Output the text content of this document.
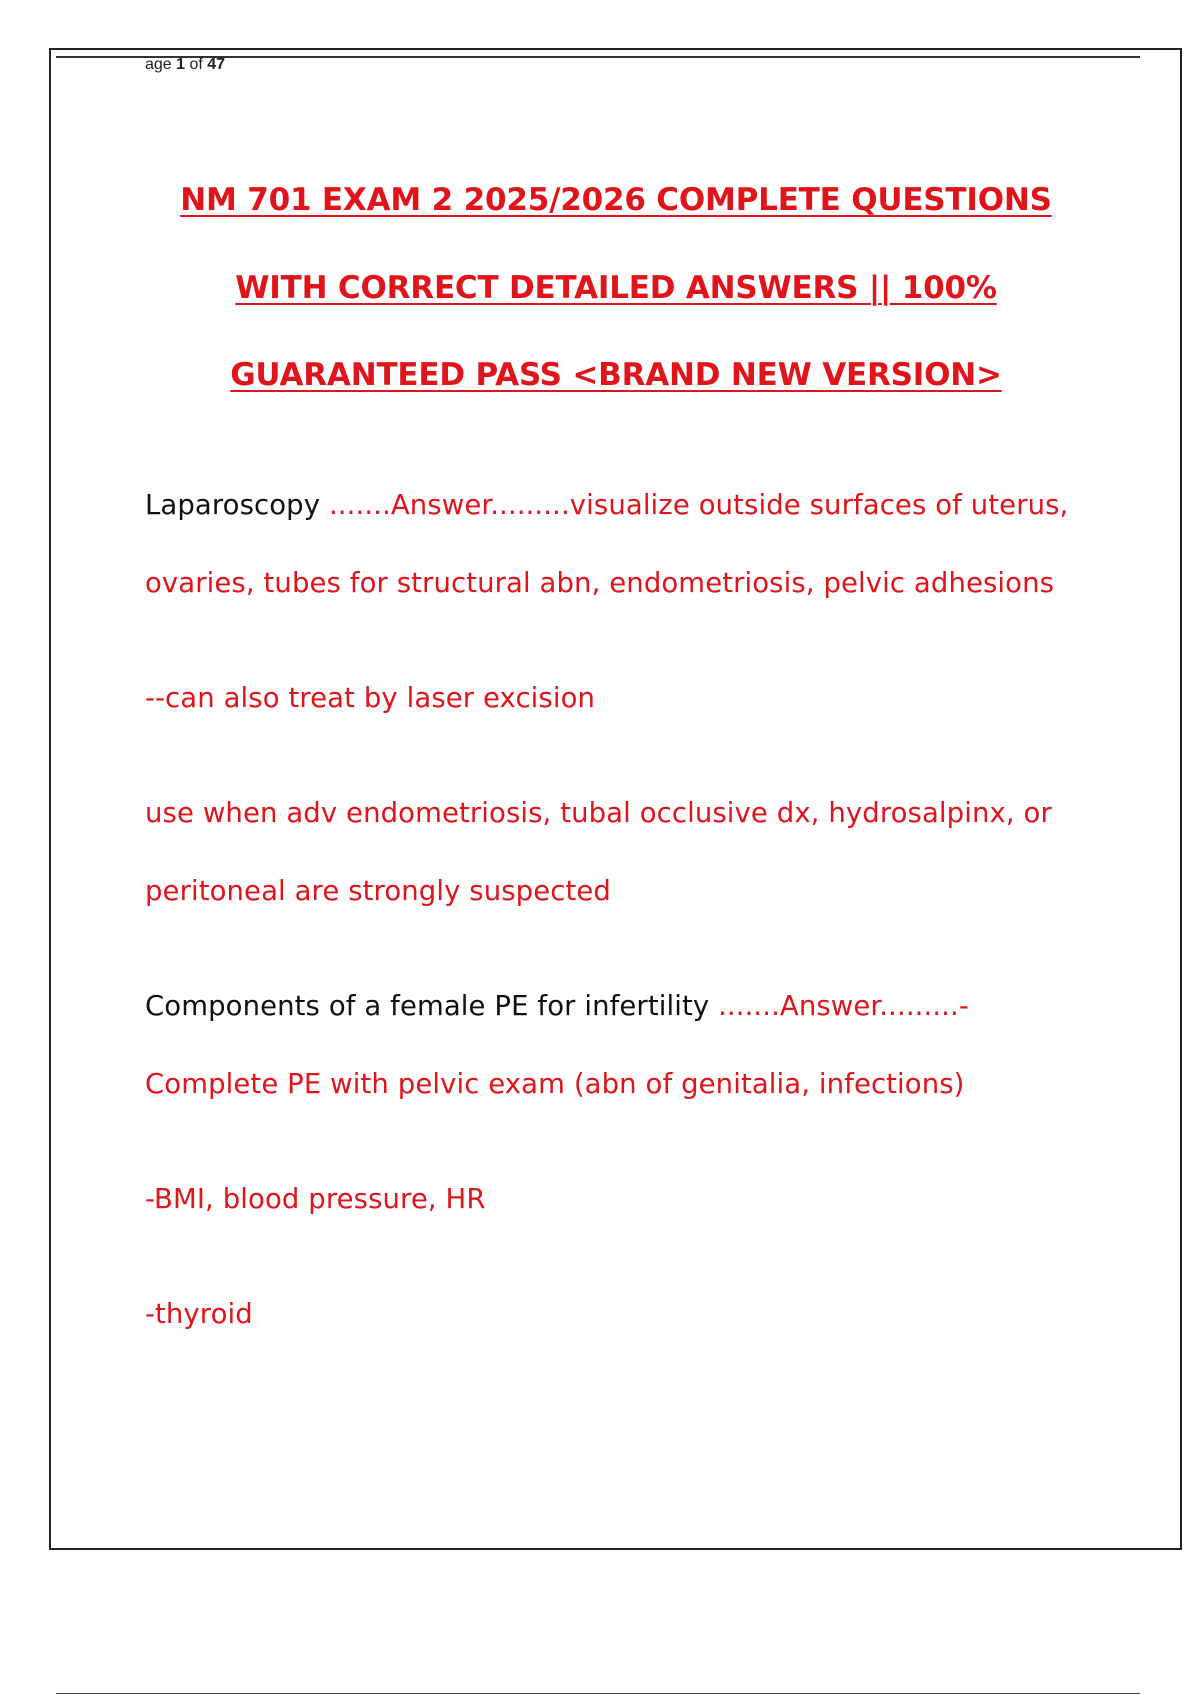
age 1 of 47
NM 701 EXAM 2 2025/2026 COMPLETE QUESTIONS
WITH CORRECT DETAILED ANSWERS || 100%
GUARANTEED PASS <BRAND NEW VERSION>
Laparoscopy .......Answer.........visualize outside surfaces of uterus,
ovaries, tubes for structural abn, endometriosis, pelvic adhesions
--can also treat by laser excision
use when adv endometriosis, tubal occlusive dx, hydrosalpinx, or
peritoneal are strongly suspected
Components of a female PE for infertility .......Answer.........-
Complete PE with pelvic exam (abn of genitalia, infections)
-BMI, blood pressure, HR
-thyroid
